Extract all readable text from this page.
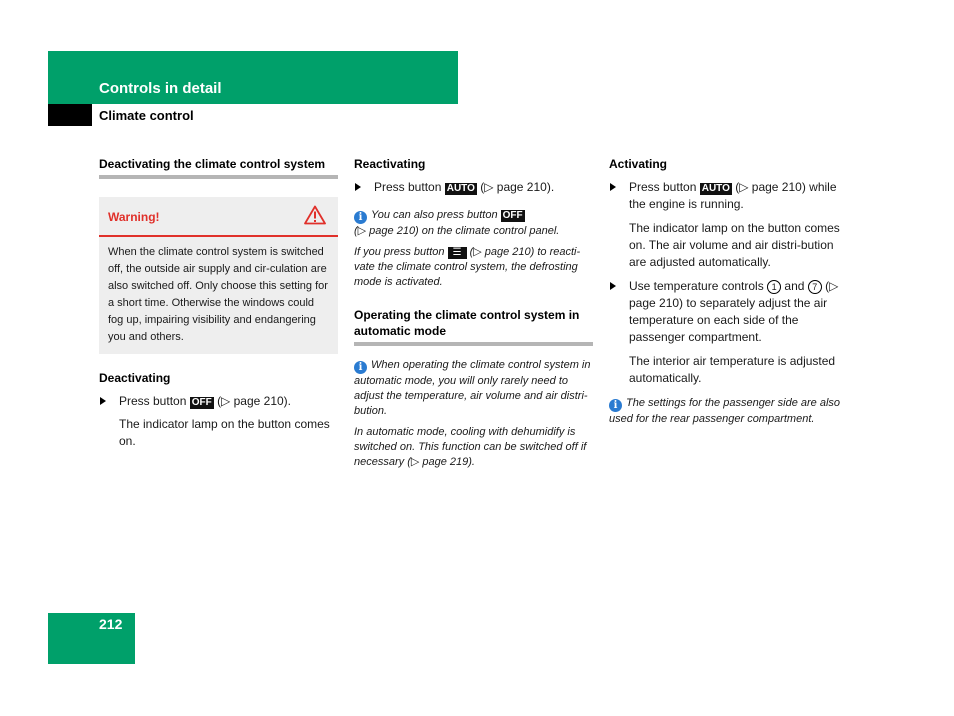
Controls in detail
Climate control
Deactivating the climate control system
Warning!
When the climate control system is switched off, the outside air supply and cir-culation are also switched off. Only choose this setting for a short time. Otherwise the windows could fog up, impairing visibility and endangering you and others.
Deactivating
Press button OFF (▷ page 210).
The indicator lamp on the button comes on.
Reactivating
Press button AUTO (▷ page 210).
i You can also press button OFF
(▷ page 210) on the climate control panel.
If you press button ☰ (▷ page 210) to reacti-vate the climate control system, the defrosting mode is activated.
Operating the climate control system in automatic mode
i When operating the climate control system in automatic mode, you will only rarely need to adjust the temperature, air volume and air distri-bution.
In automatic mode, cooling with dehumidify is switched on. This function can be switched off if necessary (▷ page 219).
Activating
Press button AUTO (▷ page 210) while the engine is running.
The indicator lamp on the button comes on. The air volume and air distri-bution are adjusted automatically.
Use temperature controls 1 and 7 (▷ page 210) to separately adjust the air temperature on each side of the passenger compartment.
The interior air temperature is adjusted automatically.
i The settings for the passenger side are also used for the rear passenger compartment.
212
